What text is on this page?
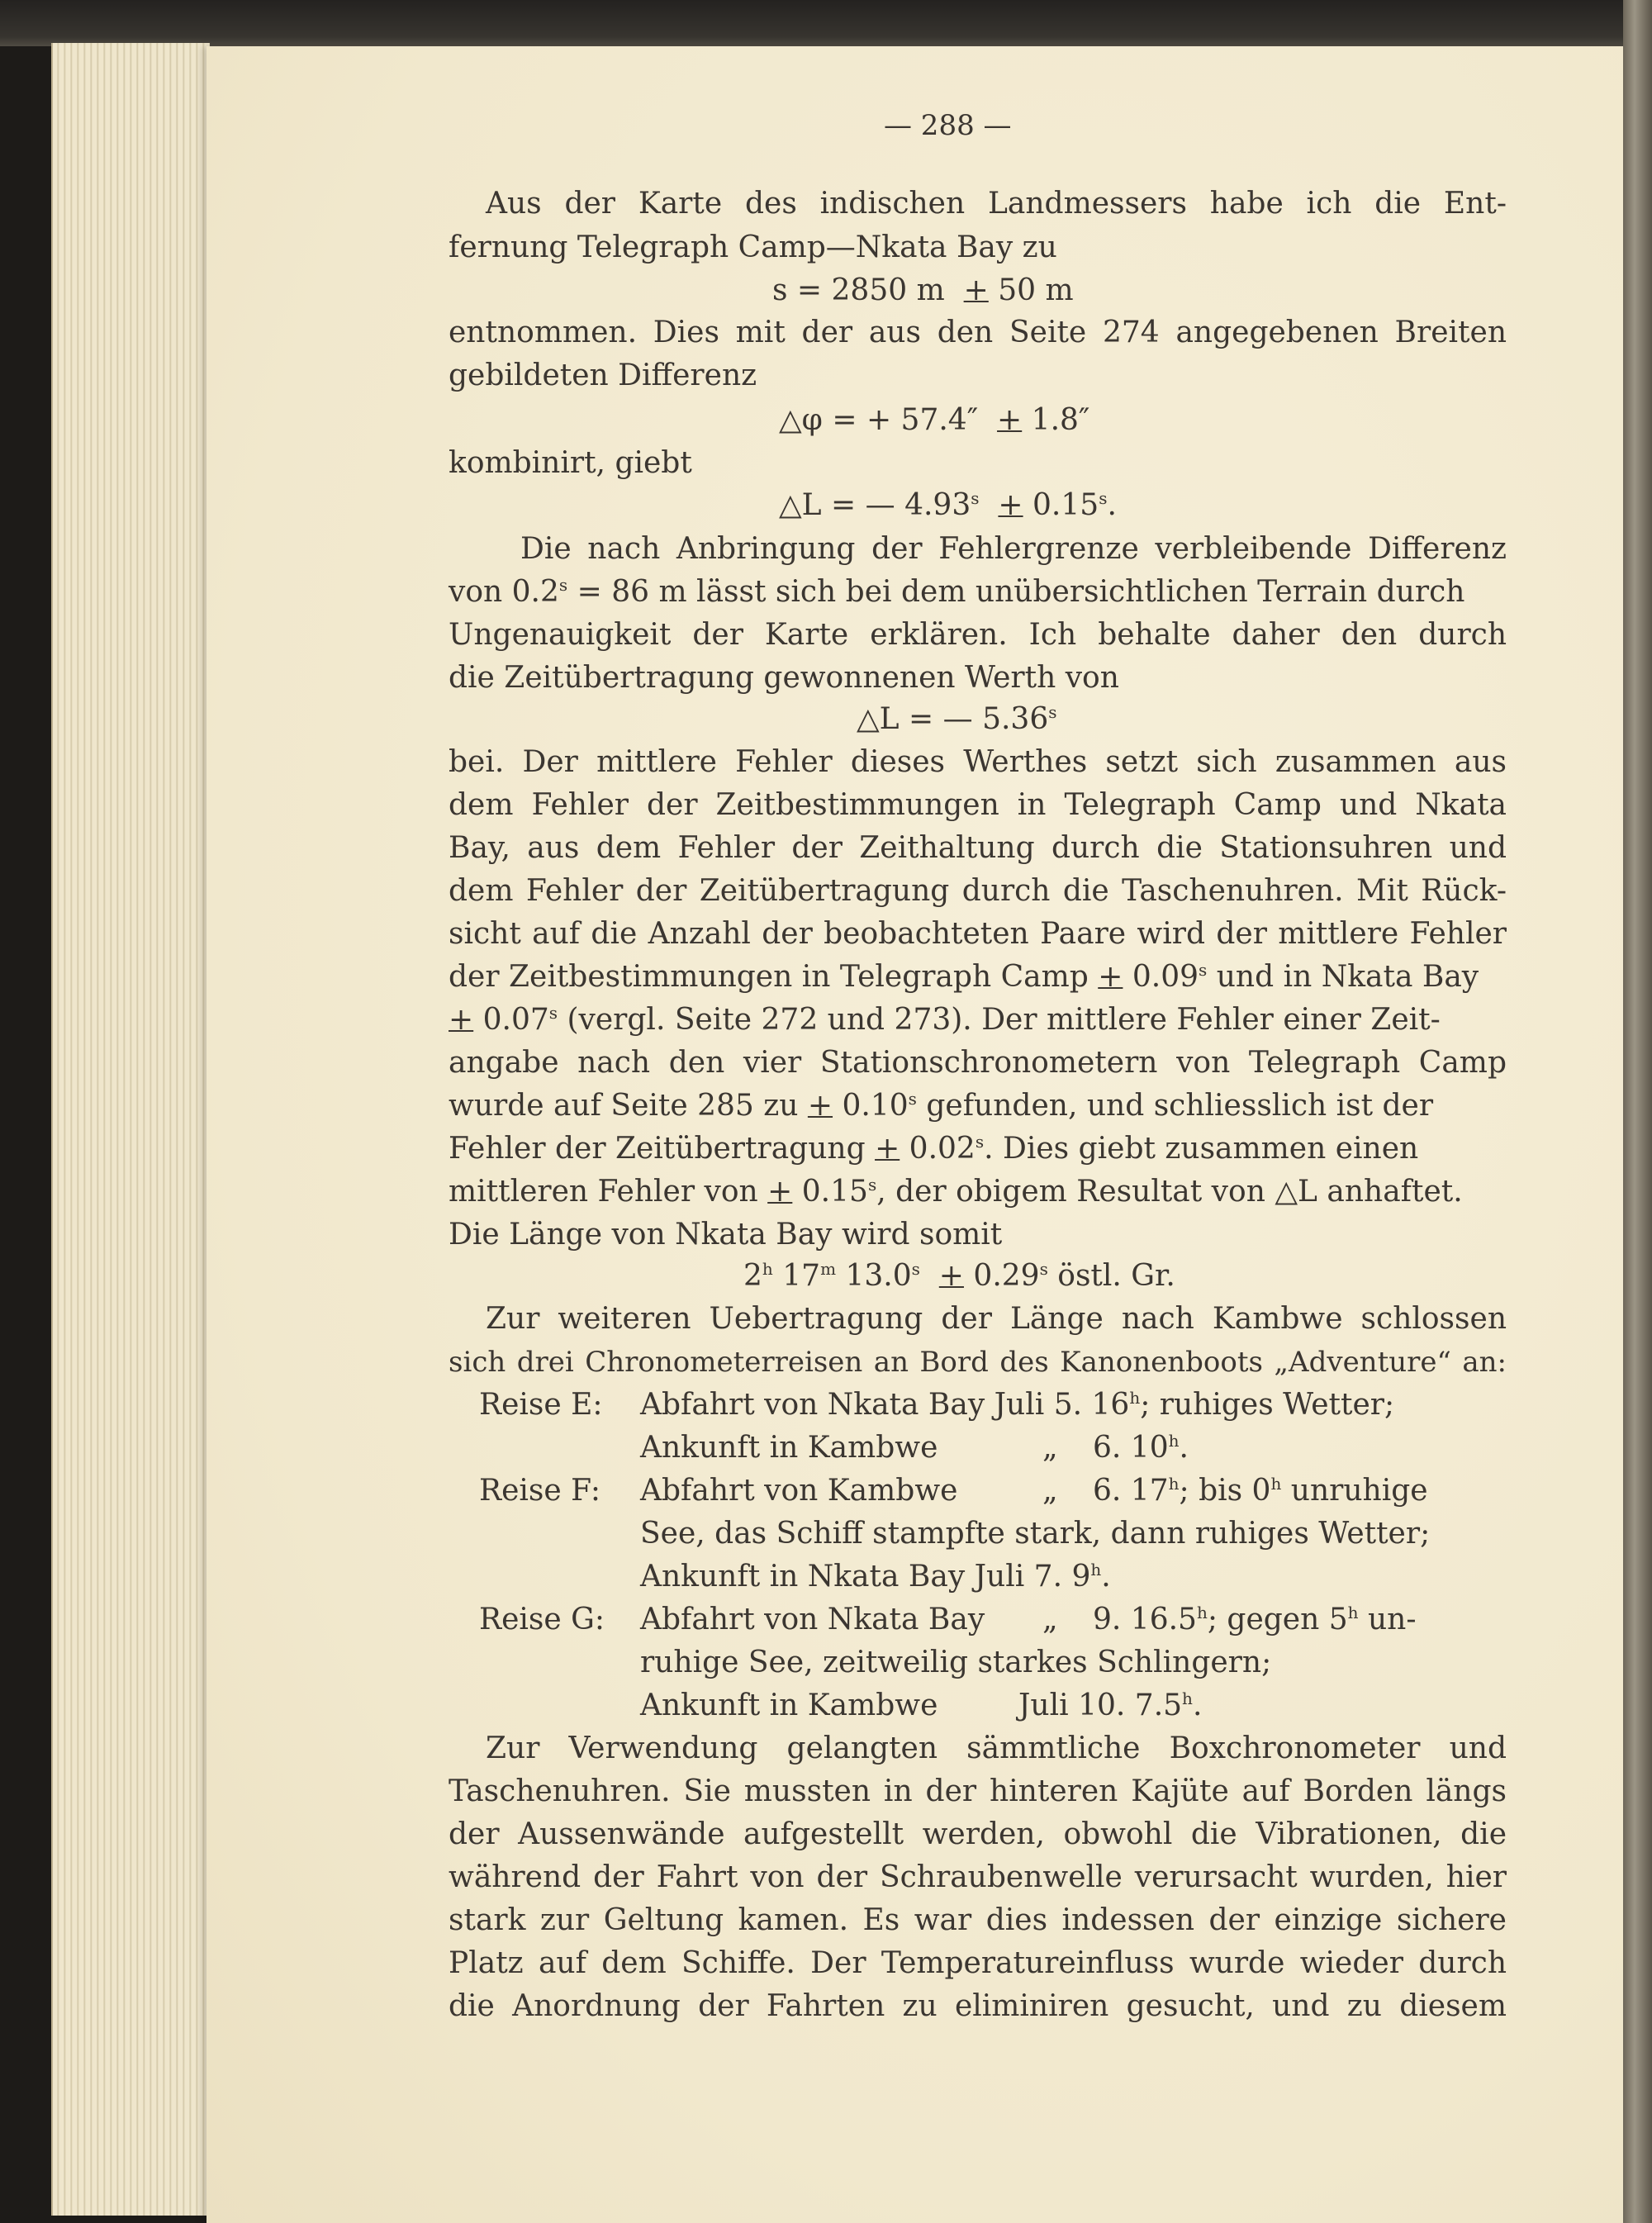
— 288 —
Aus der Karte des indischen Landmessers habe ich die Ent-
fernung Telegraph Camp—Nkata Bay zu
s = 2850 m + 50 m
entnommen. Dies mit der aus den Seite 274 angegebenen Breiten
gebildeten Differenz
△φ = + 57.4″ + 1.8″
kombinirt, giebt
△L = — $4.93^s + 0.15^s$.
Die nach Anbringung der Fehlergrenze verbleibende Differenz
von $0.2^s = 86$ m lässt sich bei dem unübersichtlichen Terrain durch
Ungenauigkeit der Karte erklären. Ich behalte daher den durch
die Zeitübertragung gewonnenen Werth von
△L = — 5.36$^s$
bei. Der mittlere Fehler dieses Werthes setzt sich zusammen aus
dem Fehler der Zeitbestimmungen in Telegraph Camp und Nkata
Bay, aus dem Fehler der Zeithaltung durch die Stationsuhren und
dem Fehler der Zeitübertragung durch die Taschenuhren. Mit Rück-
sicht auf die Anzahl der beobachteten Paare wird der mittlere Fehler
der Zeitbestimmungen in Telegraph Camp + $0.09^s$ und in Nkata Bay
+ $0.07^s$ (vergl. Seite 272 und 273). Der mittlere Fehler einer Zeit-
angabe nach den vier Stationschronometern von Telegraph Camp
wurde auf Seite 285 zu + $0.10^s$ gefunden, und schliesslich ist der
Fehler der Zeitübertragung + $0.02^s$. Dies giebt zusammen einen
mittleren Fehler von + $0.15^s$, der obigem Resultat von △L anhaftet.
Die Länge von Nkata Bay wird somit
2$^h$ 17$^m$ $13.0^s + 0.29^s$ östl. Gr.
Zur weiteren Uebertragung der Länge nach Kambwe schlossen
sich drei Chronometerreisen an Bord des Kanonenboots „Adventure“ an:
Reise E: Abfahrt von Nkata Bay Juli 5. 16$^h$; ruhiges Wetter;
Ankunft in Kambwe	„ 6. 10$^h$.
Reise F: Abfahrt von Kambwe	„ 6. 17$^h$; bis 0$^h$ unruhige
See, das Schiff stampfte stark, dann ruhiges Wetter;
Ankunft in Nkata Bay Juli 7. 9$^h$.
Reise G: Abfahrt von Nkata Bay „ 9. 16.5$^h$; gegen 5$^h$ un-
ruhige See, zeitweilig starkes Schlingern;
Ankunft in Kambwe	Juli 10. 7.5$^h$.
Zur Verwendung gelangten sämmtliche Boxchronometer und
Taschenuhren. Sie mussten in der hinteren Kajüte auf Borden längs
der Aussenwände aufgestellt werden, obwohl die Vibrationen, die
während der Fahrt von der Schraubenwelle verursacht wurden, hier
stark zur Geltung kamen. Es war dies indessen der einzige sichere
Platz auf dem Schiffe. Der Temperatureinfluss wurde wieder durch
die Anordnung der Fahrten zu eliminiren gesucht, und zu diesem
